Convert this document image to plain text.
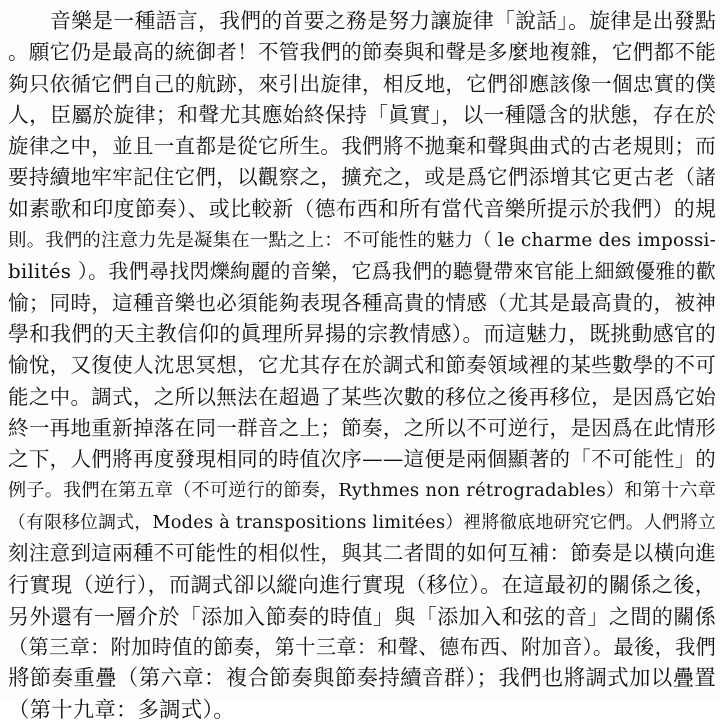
音樂是一種語言，我們的首要之務是努力讓旋律「說話」。旋律是出發點
。願它仍是最高的統御者！不管我們的節奏與和聲是多麼地複雜，它們都不能
夠只依循它們自己的航跡，來引出旋律，相反地，它們卻應該像一個忠實的僕
人，臣屬於旋律；和聲尤其應始終保持「眞實」，以一種隱含的狀態，存在於
旋律之中，並且一直都是從它所生。我們將不拋棄和聲與曲式的古老規則；而
要持續地牢牢記住它們，以觀察之，擴充之，或是爲它們添增其它更古老（諸
如素歌和印度節奏）、或比較新（德布西和所有當代音樂所提示於我們）的規
則。我們的注意力先是凝集在一點之上：不可能性的魅力（ le charme des impossi-
bilités ）。我們尋找閃爍絢麗的音樂，它爲我們的聽覺帶來官能上細緻優雅的歡
愉；同時，這種音樂也必須能夠表現各種高貴的情感（尤其是最高貴的，被神
學和我們的天主教信仰的眞理所昇揚的宗教情感）。而這魅力，既挑動感官的
愉悅，又復使人沈思冥想，它尤其存在於調式和節奏領域裡的某些數學的不可
能之中。調式，之所以無法在超過了某些次數的移位之後再移位，是因爲它始
終一再地重新掉落在同一群音之上；節奏，之所以不可逆行，是因爲在此情形
之下，人們將再度發現相同的時值次序——這便是兩個顯著的「不可能性」的
例子。我們在第五章（不可逆行的節奏，Rythmes non rétrogradables）和第十六章
（有限移位調式，Modes à transpositions limitées）裡將徹底地研究它們。人們將立
刻注意到這兩種不可能性的相似性，與其二者間的如何互補：節奏是以橫向進
行實現（逆行），而調式卻以縱向進行實現（移位）。在這最初的關係之後，
另外還有一層介於「添加入節奏的時值」與「添加入和弦的音」之間的關係
（第三章：附加時值的節奏，第十三章：和聲、德布西、附加音）。最後，我們
將節奏重疊（第六章：複合節奏與節奏持續音群）；我們也將調式加以疊置
（第十九章：多調式）。
